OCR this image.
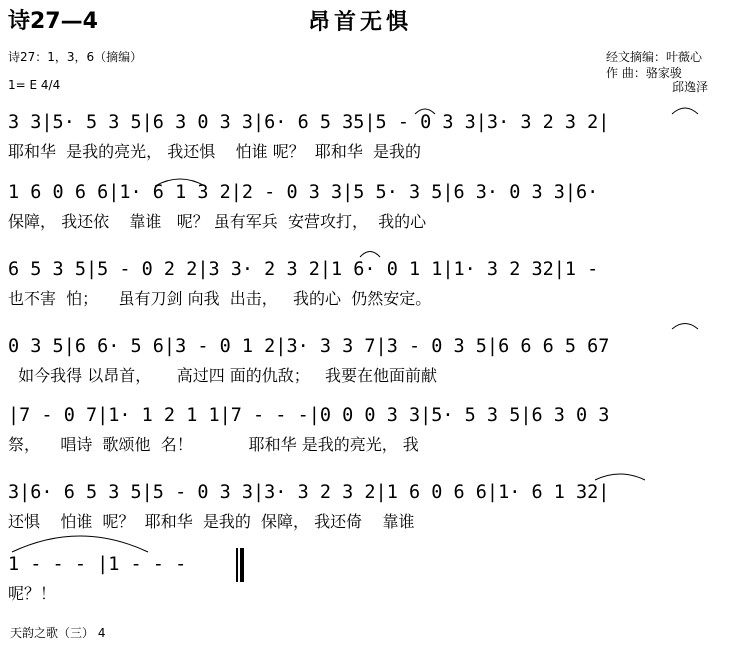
诗27—4	昂首无惧
诗27：1，3，6（摘编）
1= E 4/4
经文摘编：叶薇心
作 曲：骆家骏
邱逸泽
3 3|5· 5 3 5|6 3 0 3 3|6· 6 5 35|5 - 0 3 3|3· 3 2 3 2|
耶和华  是我的亮光， 我还惧    怕谁 呢？  耶和华  是我的
1 6 0 6 6|1· 6 1 3 2|2 - 0 3 3|5 5· 3 5|6 3· 0 3 3|6·
保障， 我还依    靠谁   呢？ 虽有军兵  安营攻打，  我的心
6 5 3 5|5 - 0 2 2|3 3· 2 3 2|1 6· 0 1 1|1· 3 2 32|1 -
也不害  怕；    虽有刀剑 向我  出击，   我的心  仍然安定。
0 3 5|6 6· 5 6|3 - 0 1 2|3· 3 3 7|3 - 0 3 5|6 6 6 5 67
如今我得 以昂首，     高过四 面的仇敌；   我要在他面前献
|7 - 0 7|1· 1 2 1 1|7 - - -|0 0 0 3 3|5· 5 3 5|6 3 0 3
祭，    唱诗  歌颂他  名！           耶和华 是我的亮光， 我
3|6· 6 5 3 5|5 - 0 3 3|3· 3 2 3 2|1 6 0 6 6|1· 6 1 32|
还惧    怕谁  呢？  耶和华  是我的  保障， 我还倚    靠谁
1 - - - |1 - - -
呢？！
天韵之歌（三） 4
